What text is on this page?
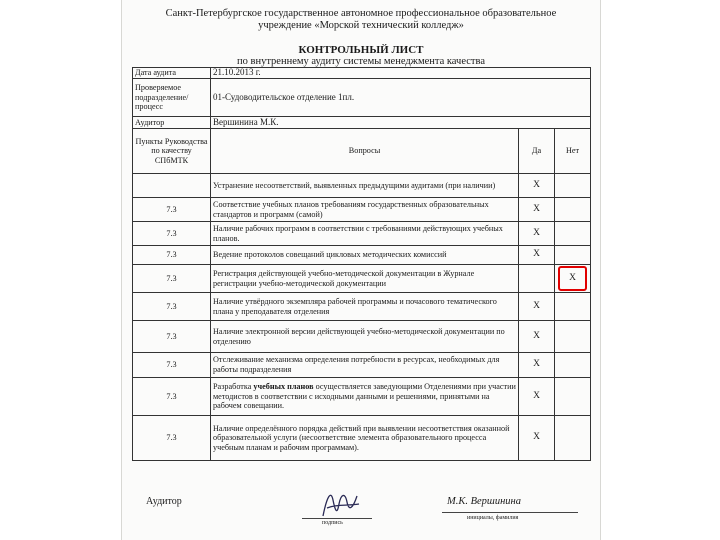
Санкт-Петербургское государственное автономное профессиональное образовательное
учреждение «Морской технический колледж»
КОНТРОЛЬНЫЙ ЛИСТ
по внутреннему аудиту системы менеджмента качества
Дата аудита	21.10.2013 г.		
Проверяемое подразделение/ процесс	01-Судоводительское отделение 1пл.		
Аудитор	Вершинина М.К.		
Пункты Руководства по качеству СПбМТК	Вопросы	Да	Нет
	Устранение несоответствий, выявленных предыдущими аудитами (при наличии)	Х	
7.3	Соответствие учебных планов требованиям государственных образовательных стандартов и программ (самой)	Х	
7.3	Наличие рабочих программ в соответствии с требованиями действующих учебных планов.	Х	
7.3	Ведение протоколов совещаний цикловых методических комиссий	Х	
7.3	Регистрация действующей учебно-методической документации в Журнале регистрации учебно-методической документации		Х
7.3	Наличие утвёрдного экземпляра рабочей программы и почасового тематического плана у преподавателя отделения	Х	
7.3	Наличие электронной версии действующей учебно-методической документации по отделению	Х	
7.3	Отслеживание механизма определения потребности в ресурсах, необходимых для работы подразделения	Х	
7.3	Разработка учебных планов осуществляется заведующими Отделениями при участии методистов в соответствии с исходными данными и решениями, принятыми на рабочем совещании.	Х	
7.3	Наличие определённого порядка действий при выявлении несоответствия оказанной образовательной услуги (несоответствие элемента образовательного процесса учебным планам и рабочим программам).	Х	
Аудитор
подпись
М.К. Вершинина
инициалы, фамилия
